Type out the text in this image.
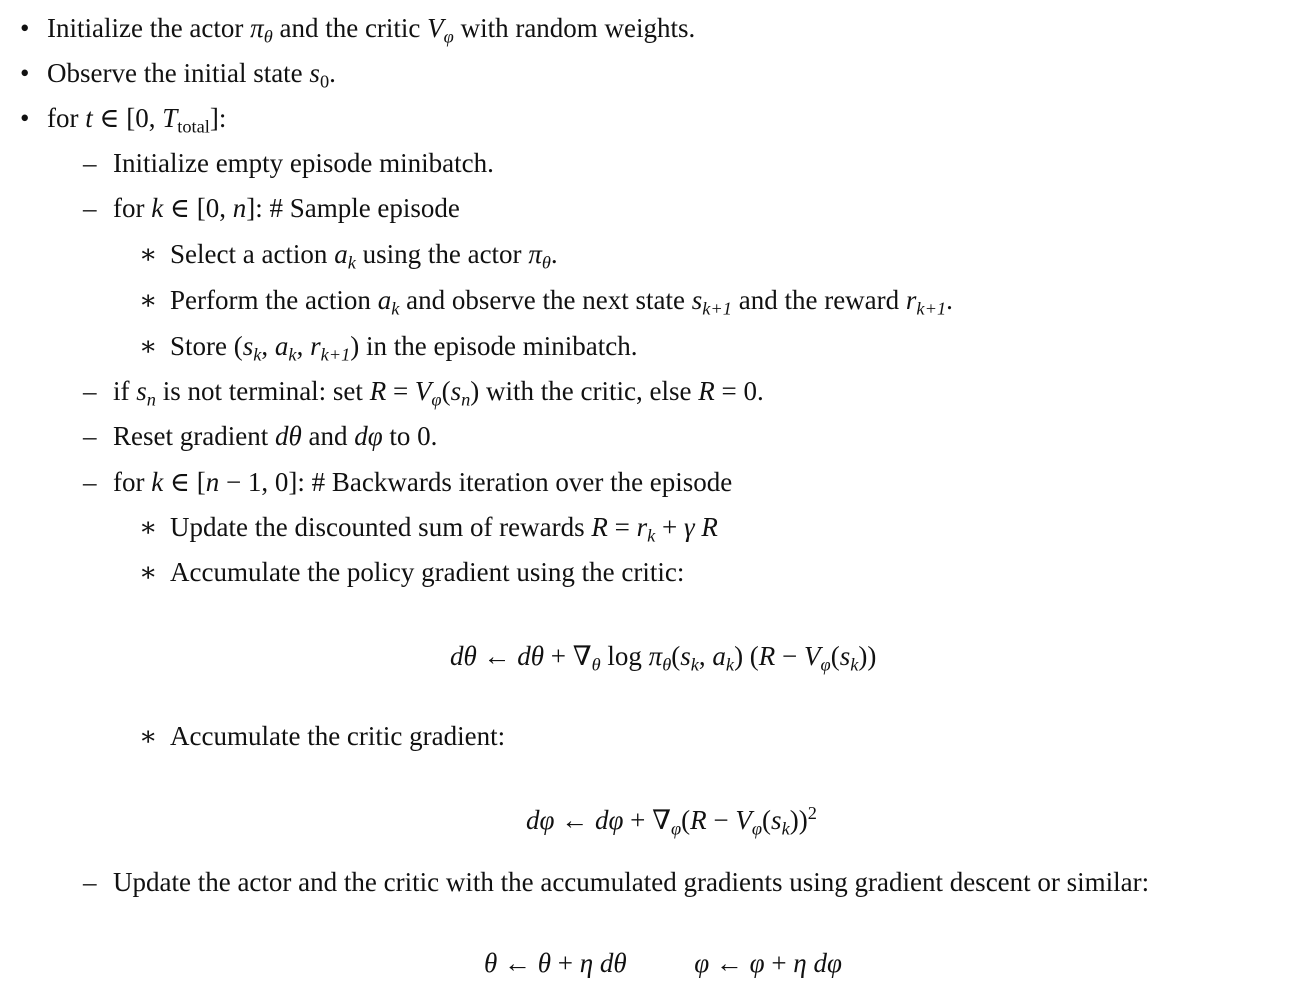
• Initialize the actor $\pi_\theta$ and the critic $V_\varphi$ with random weights.
• Observe the initial state $s_0$.
• for t ∈ [0, $T_{total}$]:
– Initialize empty episode minibatch.
– for k ∈ [0, n]: # Sample episode
∗ Select a action $a_k$ using the actor $\pi_\theta$.
∗ Perform the action $a_k$ and observe the next state $s_{k+1}$ and the reward $r_{k+1}$.
∗ Store ($s_k$, $a_k$, $r_{k+1}$) in the episode minibatch.
– if $s_n$ is not terminal: set $R = V_\varphi(s_n)$ with the critic, else R = 0.
– Reset gradient dθ and dφ to 0.
– for k ∈ [n − 1, 0]: # Backwards iteration over the episode
∗ Update the discounted sum of rewards $R = r_k + \gamma$ R
∗ Accumulate the policy gradient using the critic:
dθ ← $d\theta + \nabla_\theta$ $\log \pi_\theta(s_k$, $a_k$) $(R - V_\varphi(s_k))$
∗ Accumulate the critic gradient:
dφ ← $d\varphi + \nabla_\varphi(R - V_\varphi(s_k))^2$
– Update the actor and the critic with the accumulated gradients using gradient descent or similar:
θ ← θ + η dθ	φ ← φ + η dφ
